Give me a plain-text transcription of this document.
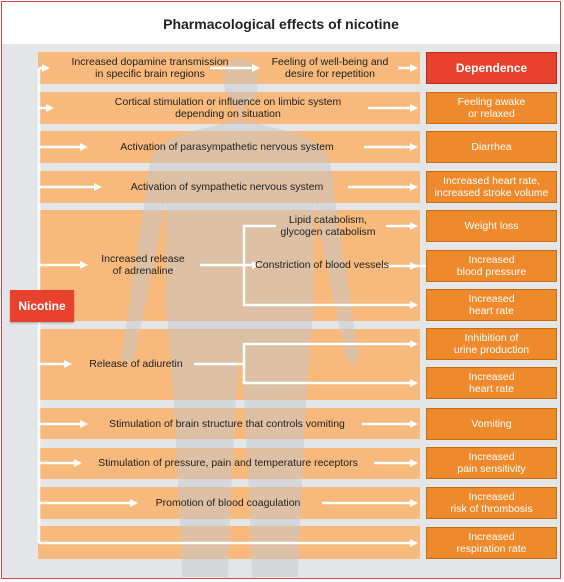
Pharmacological effects of nicotine
Increased dopamine transmission
in specific brain regions
Feeling of well-being and
desire for repetition
Cortical stimulation or influence on limbic system
depending on situation
Activation of parasympathetic nervous system
Activation of sympathetic nervous system
Increased release
of adrenaline
Lipid catabolism,
glycogen catabolism
Constriction of blood vessels
Release of adiuretin
Stimulation of brain structure that controls vomiting
Stimulation of pressure, pain and temperature receptors
Promotion of blood coagulation
Dependence
Feeling awake
or relaxed
Diarrhea
Increased heart rate,
increased stroke volume
Weight loss
Increased
blood pressure
Increased
heart rate
Inhibition of
urine production
Increased
heart rate
Vomiting
Increased
pain sensitivity
Increased
risk of thrombosis
Increased
respiration rate
Nicotine
